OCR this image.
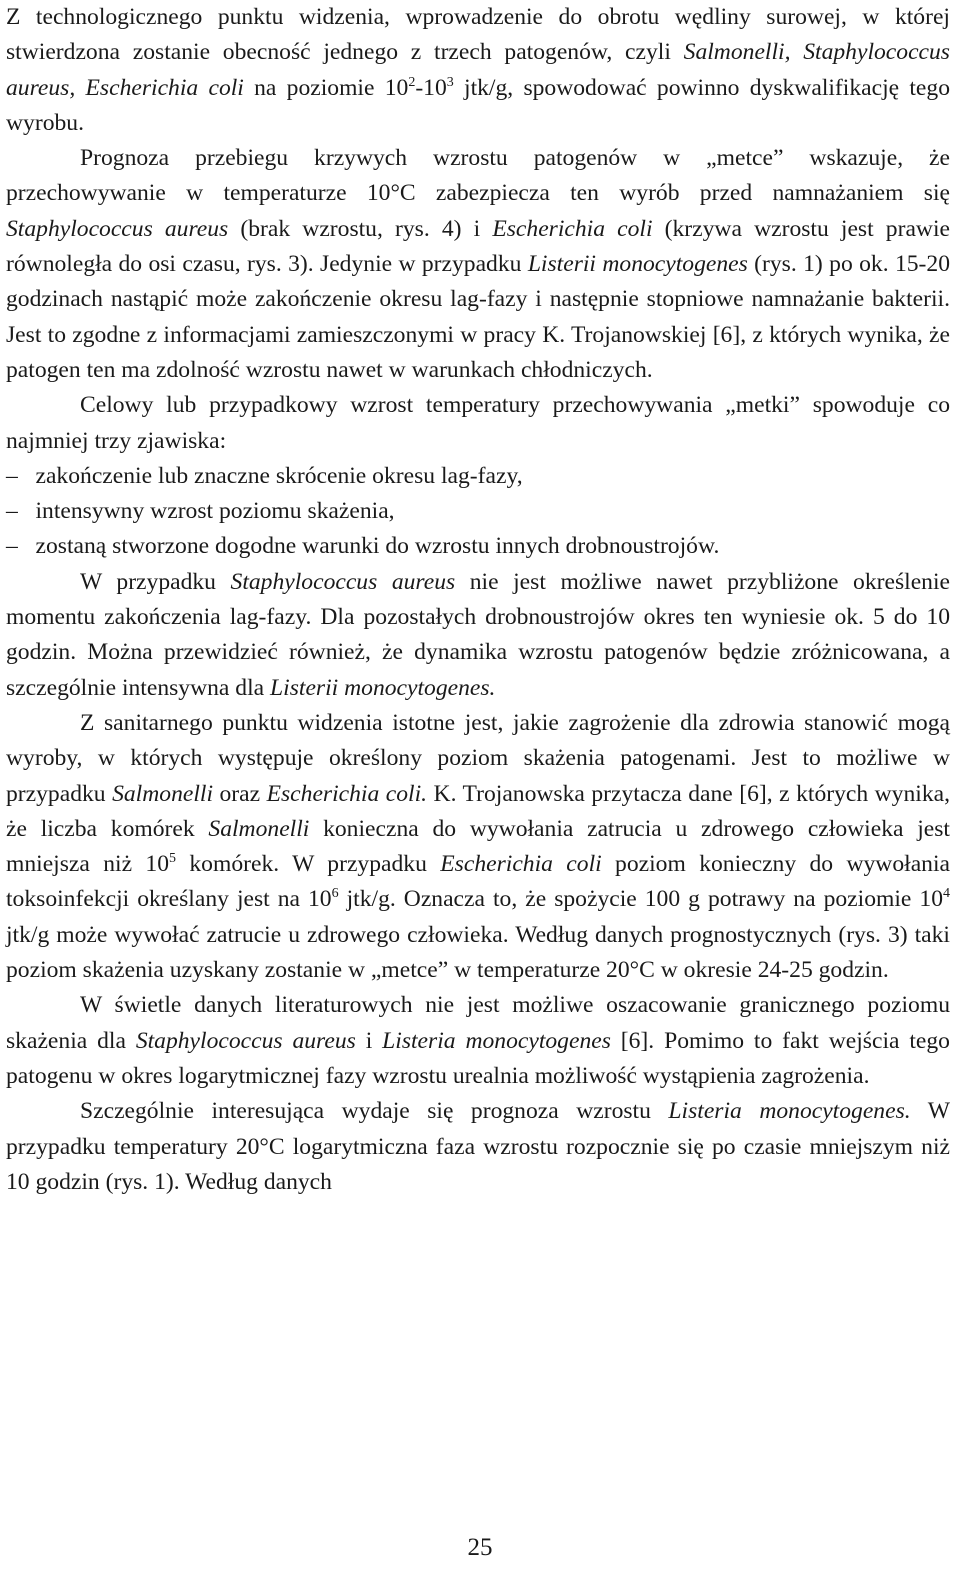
Z technologicznego punktu widzenia, wprowadzenie do obrotu wędliny surowej, w której stwierdzona zostanie obecność jednego z trzech patogenów, czyli Salmonelli, Staphylococcus aureus, Escherichia coli na poziomie $10^2-10^3$ jtk/g, spowodować powinno dyskwalifikację tego wyrobu.

Prognoza przebiegu krzywych wzrostu patogenów w „metce” wskazuje, że przechowywanie w temperaturze 10°C zabezpiecza ten wyrób przed namnażaniem się Staphylococcus aureus (brak wzrostu, rys. 4) i Escherichia coli (krzywa wzrostu jest prawie równoległa do osi czasu, rys. 3). Jedynie w przypadku Listerii monocytogenes (rys. 1) po ok. 15-20 godzinach nastąpić może zakończenie okresu lag-fazy i następnie stopniowe namnażanie bakterii. Jest to zgodne z informacjami zamieszczonymi w pracy K. Trojanowskiej [6], z których wynika, że patogen ten ma zdolność wzrostu nawet w warunkach chłodniczych.

Celowy lub przypadkowy wzrost temperatury przechowywania „metki” spowoduje co najmniej trzy zjawiska:

–   zakończenie lub znaczne skrócenie okresu lag-fazy,

–   intensywny wzrost poziomu skażenia,

–   zostaną stworzone dogodne warunki do wzrostu innych drobnoustrojów.

W przypadku Staphylococcus aureus nie jest możliwe nawet przybliżone określenie momentu zakończenia lag-fazy. Dla pozostałych drobnoustrojów okres ten wyniesie ok. 5 do 10 godzin. Można przewidzieć również, że dynamika wzrostu patogenów będzie zróżnicowana, a szczególnie intensywna dla Listerii monocytogenes.

Z sanitarnego punktu widzenia istotne jest, jakie zagrożenie dla zdrowia stanowić mogą wyroby, w których występuje określony poziom skażenia patogenami. Jest to możliwe w przypadku Salmonelli oraz Escherichia coli. K. Trojanowska przytacza dane [6], z których wynika, że liczba komórek Salmonelli konieczna do wywołania zatrucia u zdrowego człowieka jest mniejsza niż $10^5$ komórek. W przypadku Escherichia coli poziom konieczny do wywołania toksoinfekcji określany jest na $10^6$ jtk/g. Oznacza to, że spożycie 100 g potrawy na poziomie $10^4$ jtk/g może wywołać zatrucie u zdrowego człowieka. Według danych prognostycznych (rys. 3) taki poziom skażenia uzyskany zostanie w „metce” w temperaturze 20°C w okresie 24-25 godzin.

W świetle danych literaturowych nie jest możliwe oszacowanie granicznego poziomu skażenia dla Staphylococcus aureus i Listeria monocytogenes [6]. Pomimo to fakt wejścia tego patogenu w okres logarytmicznej fazy wzrostu urealnia możliwość wystąpienia zagrożenia.

Szczególnie interesująca wydaje się prognoza wzrostu Listeria monocytogenes. W przypadku temperatury 20°C logarytmiczna faza wzrostu rozpocznie się po czasie mniejszym niż 10 godzin (rys. 1). Według danych

25
